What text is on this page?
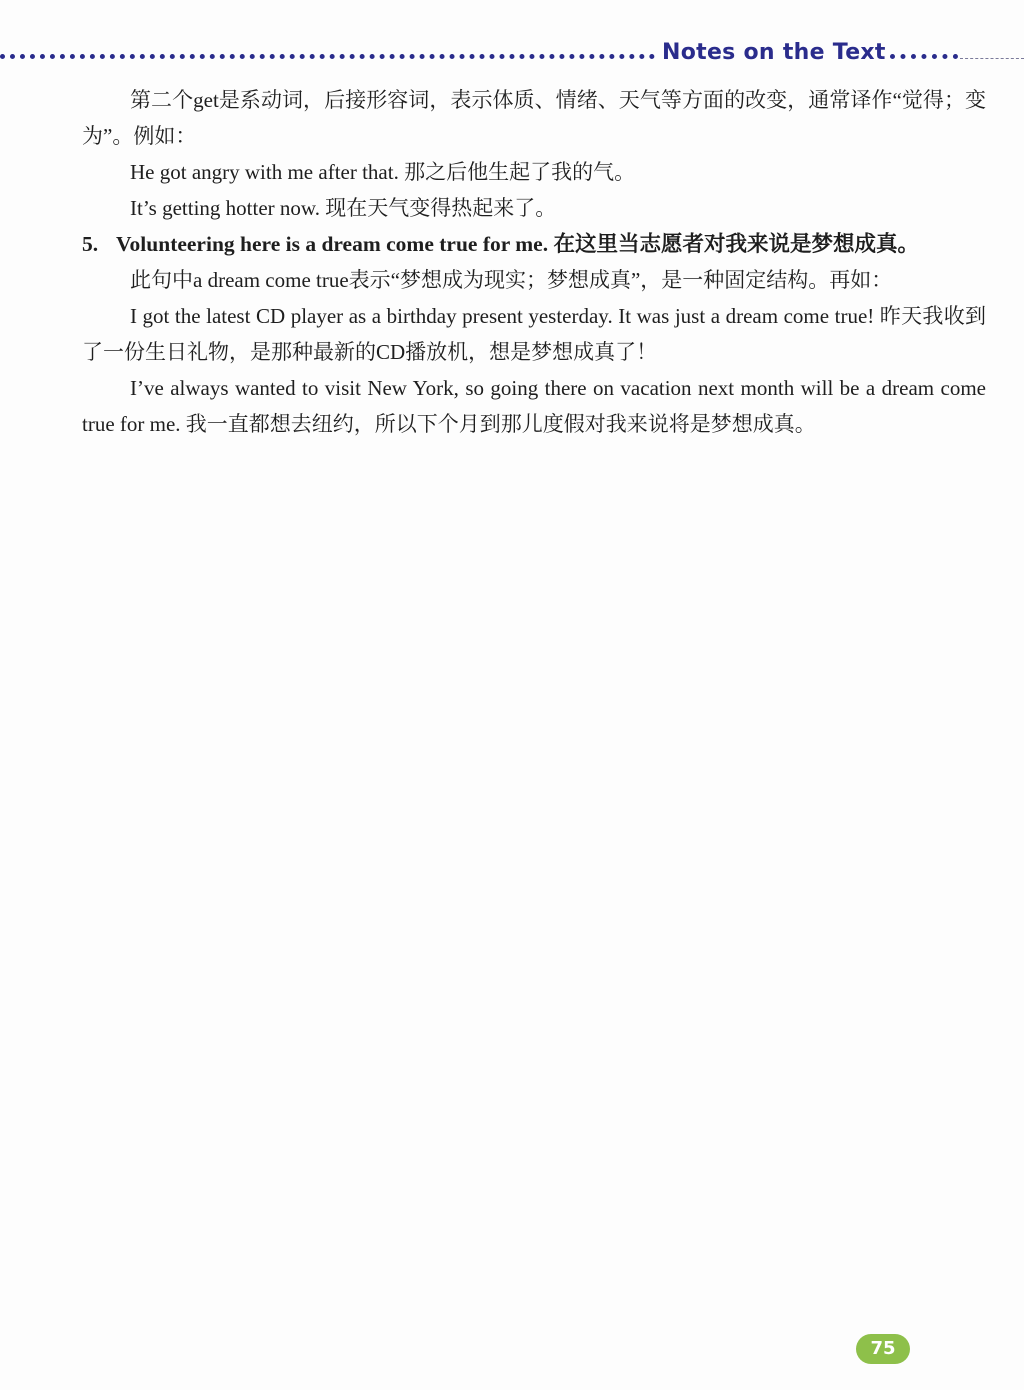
Notes on the Text

第二个get是系动词，后接形容词，表示体质、情绪、天气等方面的改变，通常译作“觉得；变为”。例如：

He got angry with me after that. 那之后他生起了我的气。

It’s getting hotter now. 现在天气变得热起来了。

5. Volunteering here is a dream come true for me. 在这里当志愿者对我来说是梦想成真。

此句中a dream come true表示“梦想成为现实；梦想成真”，是一种固定结构。再如：

I got the latest CD player as a birthday present yesterday. It was just a dream come true! 昨天我收到了一份生日礼物，是那种最新的CD播放机，想是梦想成真了！

I’ve always wanted to visit New York, so going there on vacation next month will be a dream come true for me. 我一直都想去纽约，所以下个月到那儿度假对我来说将是梦想成真。

75
